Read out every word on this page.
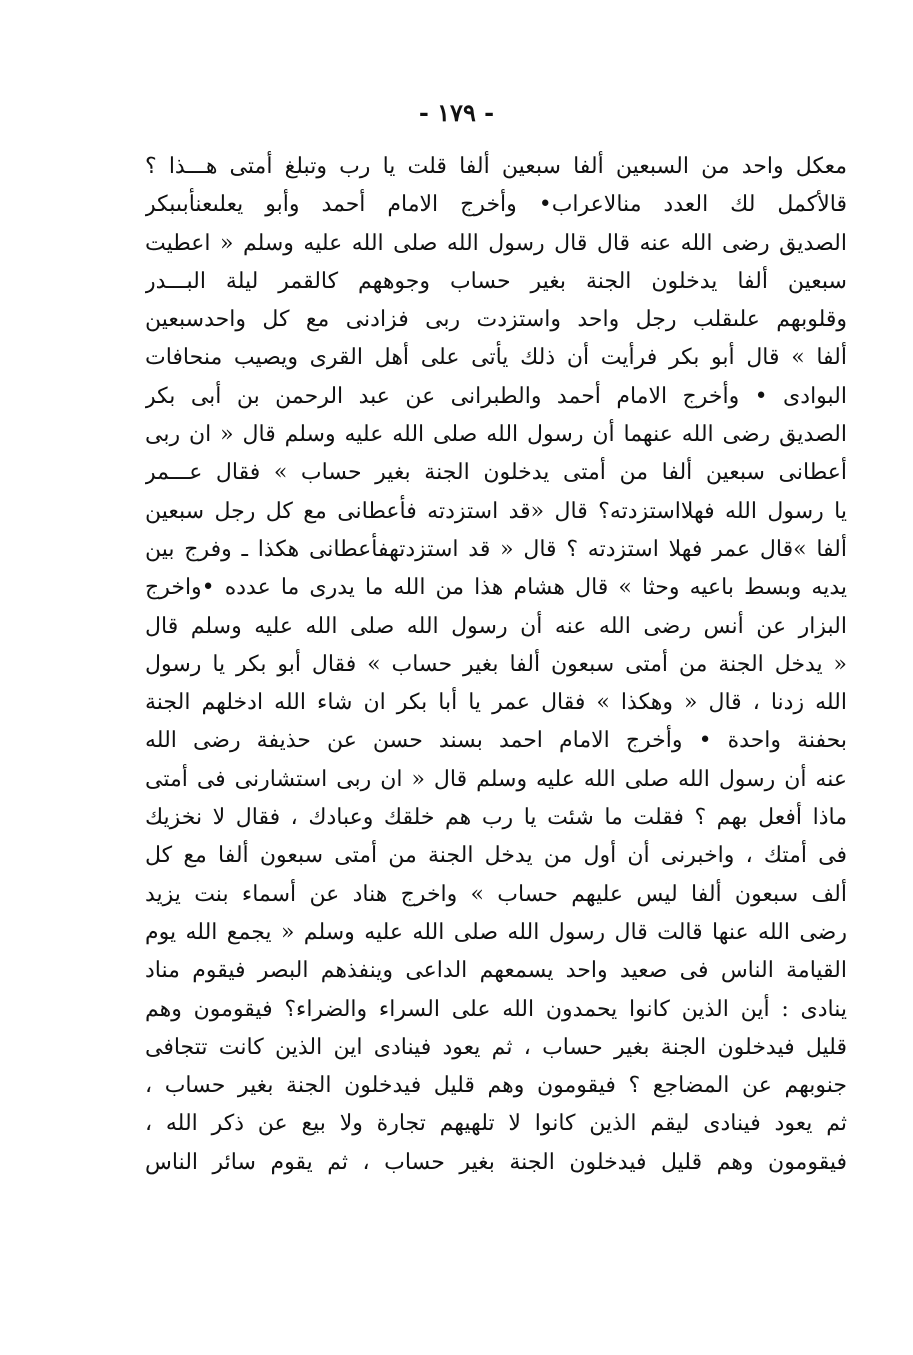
- ١٧٩ -
معكل واحد من السبعين ألفا سبعين ألفا قلت يا رب وتبلغ أمتى هـــذا ؟
قالأكمل لك العدد منالاعراب• وأخرج الامام أحمد وأبو يعلىعنأبىبكر
الصديق رضى الله عنه قال قال رسول الله صلى الله عليه وسلم « اعطيت
سبعين ألفا يدخلون الجنة بغير حساب وجوههم كالقمر ليلة البـــدر
وقلوبهم علىقلب رجل واحد واستزدت ربى فزادنى مع كل واحدسبعين
ألفا » قال أبو بكر فرأيت أن ذلك يأتى على أهل القرى ويصيب منحافات
البوادى • وأخرج الامام أحمد والطبرانى عن عبد الرحمن بن أبى بكر
الصديق رضى الله عنهما أن رسول الله صلى الله عليه وسلم قال « ان ربى
أعطانى سبعين ألفا من أمتى يدخلون الجنة بغير حساب » فقال عـــمر
يا رسول الله فهلااستزدته؟ قال «قد استزدته فأعطانى مع كل رجل سبعين
ألفا »قال عمر فهلا استزدته ؟ قال « قد استزدتهفأعطانى هكذا ـ وفرج بين
يديه وبسط باعيه وحثا » قال هشام هذا من الله ما يدرى ما عدده •واخرج
البزار عن أنس رضى الله عنه أن رسول الله صلى الله عليه وسلم قال
« يدخل الجنة من أمتى سبعون ألفا بغير حساب » فقال أبو بكر يا رسول
الله زدنا ، قال « وهكذا » فقال عمر يا أبا بكر ان شاء الله ادخلهم الجنة
بحفنة واحدة • وأخرج الامام احمد بسند حسن عن حذيفة رضى الله
عنه أن رسول الله صلى الله عليه وسلم قال « ان ربى استشارنى فى أمتى
ماذا أفعل بهم ؟ فقلت ما شئت يا رب هم خلقك وعبادك ، فقال لا نخزيك
فى أمتك ، واخبرنى أن أول من يدخل الجنة من أمتى سبعون ألفا مع كل
ألف سبعون ألفا ليس عليهم حساب » واخرج هناد عن أسماء بنت يزيد
رضى الله عنها قالت قال رسول الله صلى الله عليه وسلم « يجمع الله يوم
القيامة الناس فى صعيد واحد يسمعهم الداعى وينفذهم البصر فيقوم مناد
ينادى : أين الذين كانوا يحمدون الله على السراء والضراء؟ فيقومون وهم
قليل فيدخلون الجنة بغير حساب ، ثم يعود فينادى اين الذين كانت تتجافى
جنوبهم عن المضاجع ؟ فيقومون وهم قليل فيدخلون الجنة بغير حساب ،
ثم يعود فينادى ليقم الذين كانوا لا تلهيهم تجارة ولا بيع عن ذكر الله ،
فيقومون وهم قليل فيدخلون الجنة بغير حساب ، ثم يقوم سائر الناس
